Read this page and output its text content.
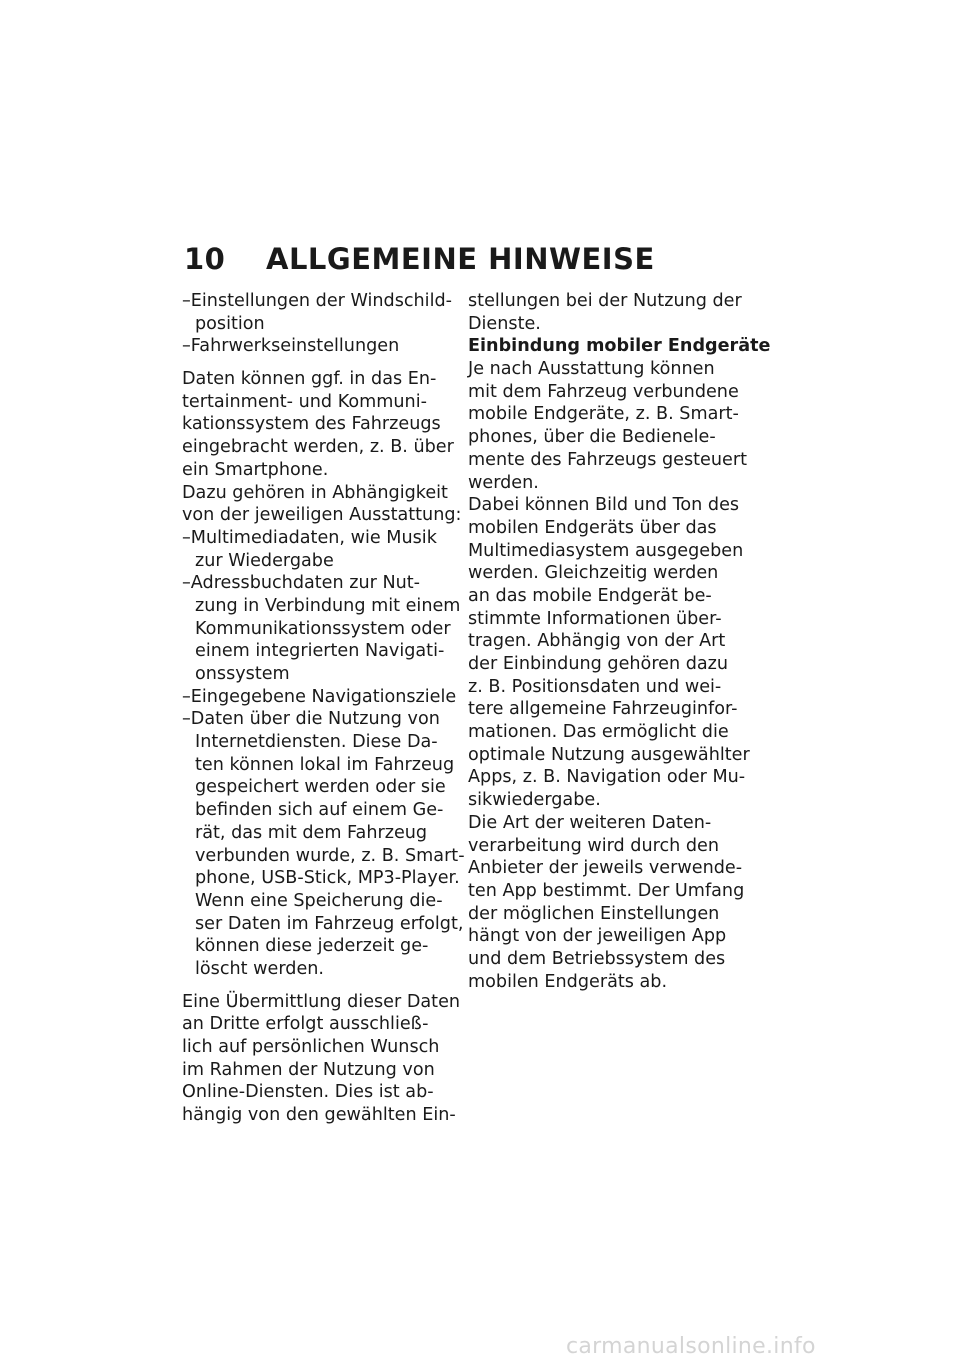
10 ALLGEMEINE HINWEISE
–Einstellungen der Windschild-
position
–Fahrwerkseinstellungen
Daten können ggf. in das En-
tertainment- und Kommuni-
kationssystem des Fahrzeugs
eingebracht werden, z. B. über
ein Smartphone.
Dazu gehören in Abhängigkeit
von der jeweiligen Ausstattung:
–Multimediadaten, wie Musik
zur Wiedergabe
–Adressbuchdaten zur Nut-
zung in Verbindung mit einem
Kommunikationssystem oder
einem integrierten Navigati-
onssystem
–Eingegebene Navigationsziele
–Daten über die Nutzung von
Internetdiensten. Diese Da-
ten können lokal im Fahrzeug
gespeichert werden oder sie
befinden sich auf einem Ge-
rät, das mit dem Fahrzeug
verbunden wurde, z. B. Smart-
phone, USB-Stick, MP3-Player.
Wenn eine Speicherung die-
ser Daten im Fahrzeug erfolgt,
können diese jederzeit ge-
löscht werden.
Eine Übermittlung dieser Daten
an Dritte erfolgt ausschließ-
lich auf persönlichen Wunsch
im Rahmen der Nutzung von
Online-Diensten. Dies ist ab-
hängig von den gewählten Ein-
stellungen bei der Nutzung der
Dienste.
Einbindung mobiler Endgeräte
Je nach Ausstattung können
mit dem Fahrzeug verbundene
mobile Endgeräte, z. B. Smart-
phones, über die Bedienele-
mente des Fahrzeugs gesteuert
werden.
Dabei können Bild und Ton des
mobilen Endgeräts über das
Multimediasystem ausgegeben
werden. Gleichzeitig werden
an das mobile Endgerät be-
stimmte Informationen über-
tragen. Abhängig von der Art
der Einbindung gehören dazu
z. B. Positionsdaten und wei-
tere allgemeine Fahrzeuginfor-
mationen. Das ermöglicht die
optimale Nutzung ausgewählter
Apps, z. B. Navigation oder Mu-
sikwiedergabe.
Die Art der weiteren Daten-
verarbeitung wird durch den
Anbieter der jeweils verwende-
ten App bestimmt. Der Umfang
der möglichen Einstellungen
hängt von der jeweiligen App
und dem Betriebssystem des
mobilen Endgeräts ab.
carmanualsonline.info
